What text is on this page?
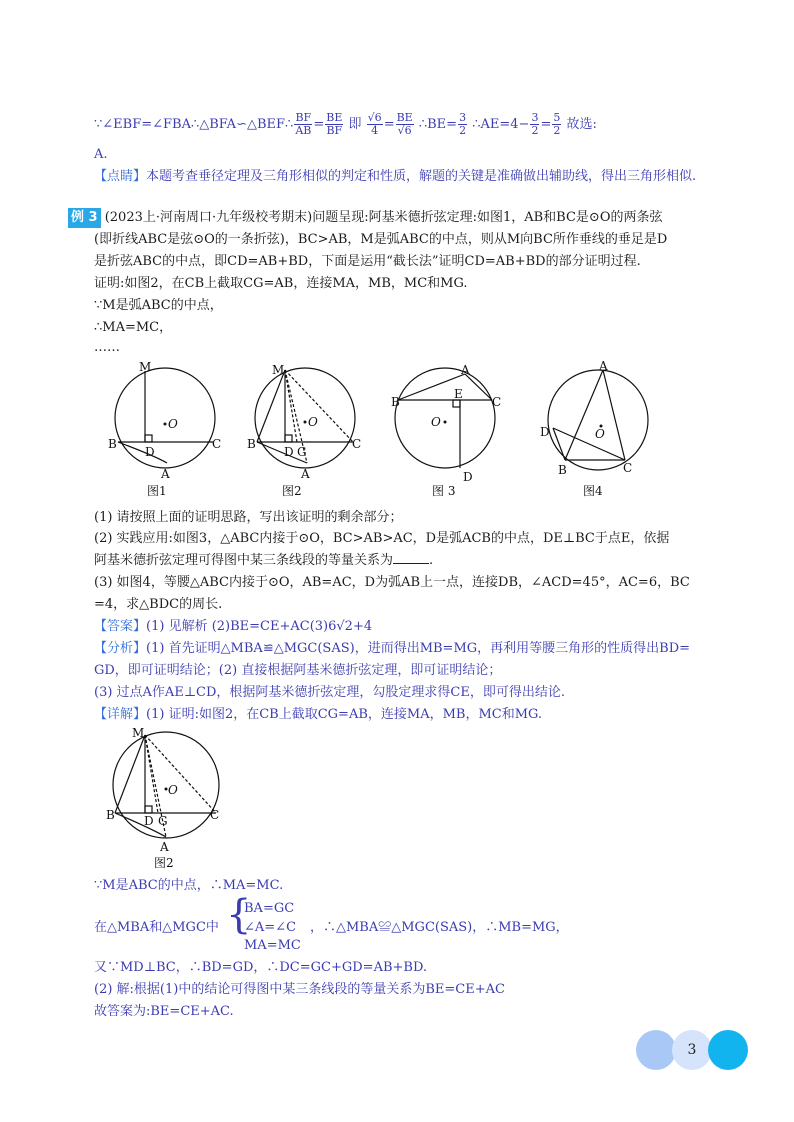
∵∠EBF=∠FBA∴△BFA∽△BEF∴ $\frac{BF}{AB} = \frac{BE}{BF}$ 即 $\frac{√6}{4} = \frac{BE}{√6}$ ∴BE= $\frac{3}{2}$ ∴AE=4− $\frac{3}{2} = \frac{5}{2}$ 故选:
A.
【点睛】本题考查垂径定理及三角形相似的判定和性质，解题的关键是准确做出辅助线，得出三角形相似.
例 3 (2023上·河南周口·九年级校考期末)问题呈现:阿基米德折弦定理:如图1，AB和BC是⊙O的两条弦
(即折线ABC是弦⊙O的一条折弦)，BC>AB，M是弧ABC的中点，则从M向BC所作垂线的垂足是D
是折弦ABC的中点，即CD=AB+BD，下面是运用“截长法”证明CD=AB+BD的部分证明过程.
证明:如图2，在CB上截取CG=AB，连接MA，MB，MC和MG.
∵M是弧ABC的中点，
∴MA=MC，
……
M
O
B	C
D
A
图1
M
O
B	C
D G
A
图2
A
E
B	C
O
D
图 3
A
O
D
B	C
图4
(1) 请按照上面的证明思路，写出该证明的剩余部分；
(2) 实践应用:如图3，△ABC内接于⊙O，BC>AB>AC，D是弧ACB的中点，DE⊥BC于点E，依据
阿基米德折弦定理可得图中某三条线段的等量关系为	.
(3) 如图4，等腰△ABC内接于⊙O，AB=AC，D为弧AB上一点，连接DB，∠ACD=45°，AC=6，BC
=4，求△BDC的周长.
【答案】(1) 见解析 (2)BE=CE+AC(3)6√2+4
【分析】(1) 首先证明△MBA≌△MGC(SAS)，进而得出MB=MG，再利用等腰三角形的性质得出BD=
GD，即可证明结论；(2) 直接根据阿基米德折弦定理，即可证明结论；
(3) 过点A作AE⊥CD，根据阿基米德折弦定理，勾股定理求得CE，即可得出结论.
【详解】(1) 证明:如图2，在CB上截取CG=AB，连接MA，MB，MC和MG.
M
O
B	C
D G
A
图2
∵M是ABC的中点，∴MA=MC.
在△MBA和△MGC中 {
BA=GC
∠A=∠C
MA=MC
，∴△MBA≌△MGC(SAS)，∴MB=MG，
又∵MD⊥BC，∴BD=GD，∴DC=GC+GD=AB+BD.
(2) 解:根据(1)中的结论可得图中某三条线段的等量关系为BE=CE+AC
故答案为:BE=CE+AC.
3
